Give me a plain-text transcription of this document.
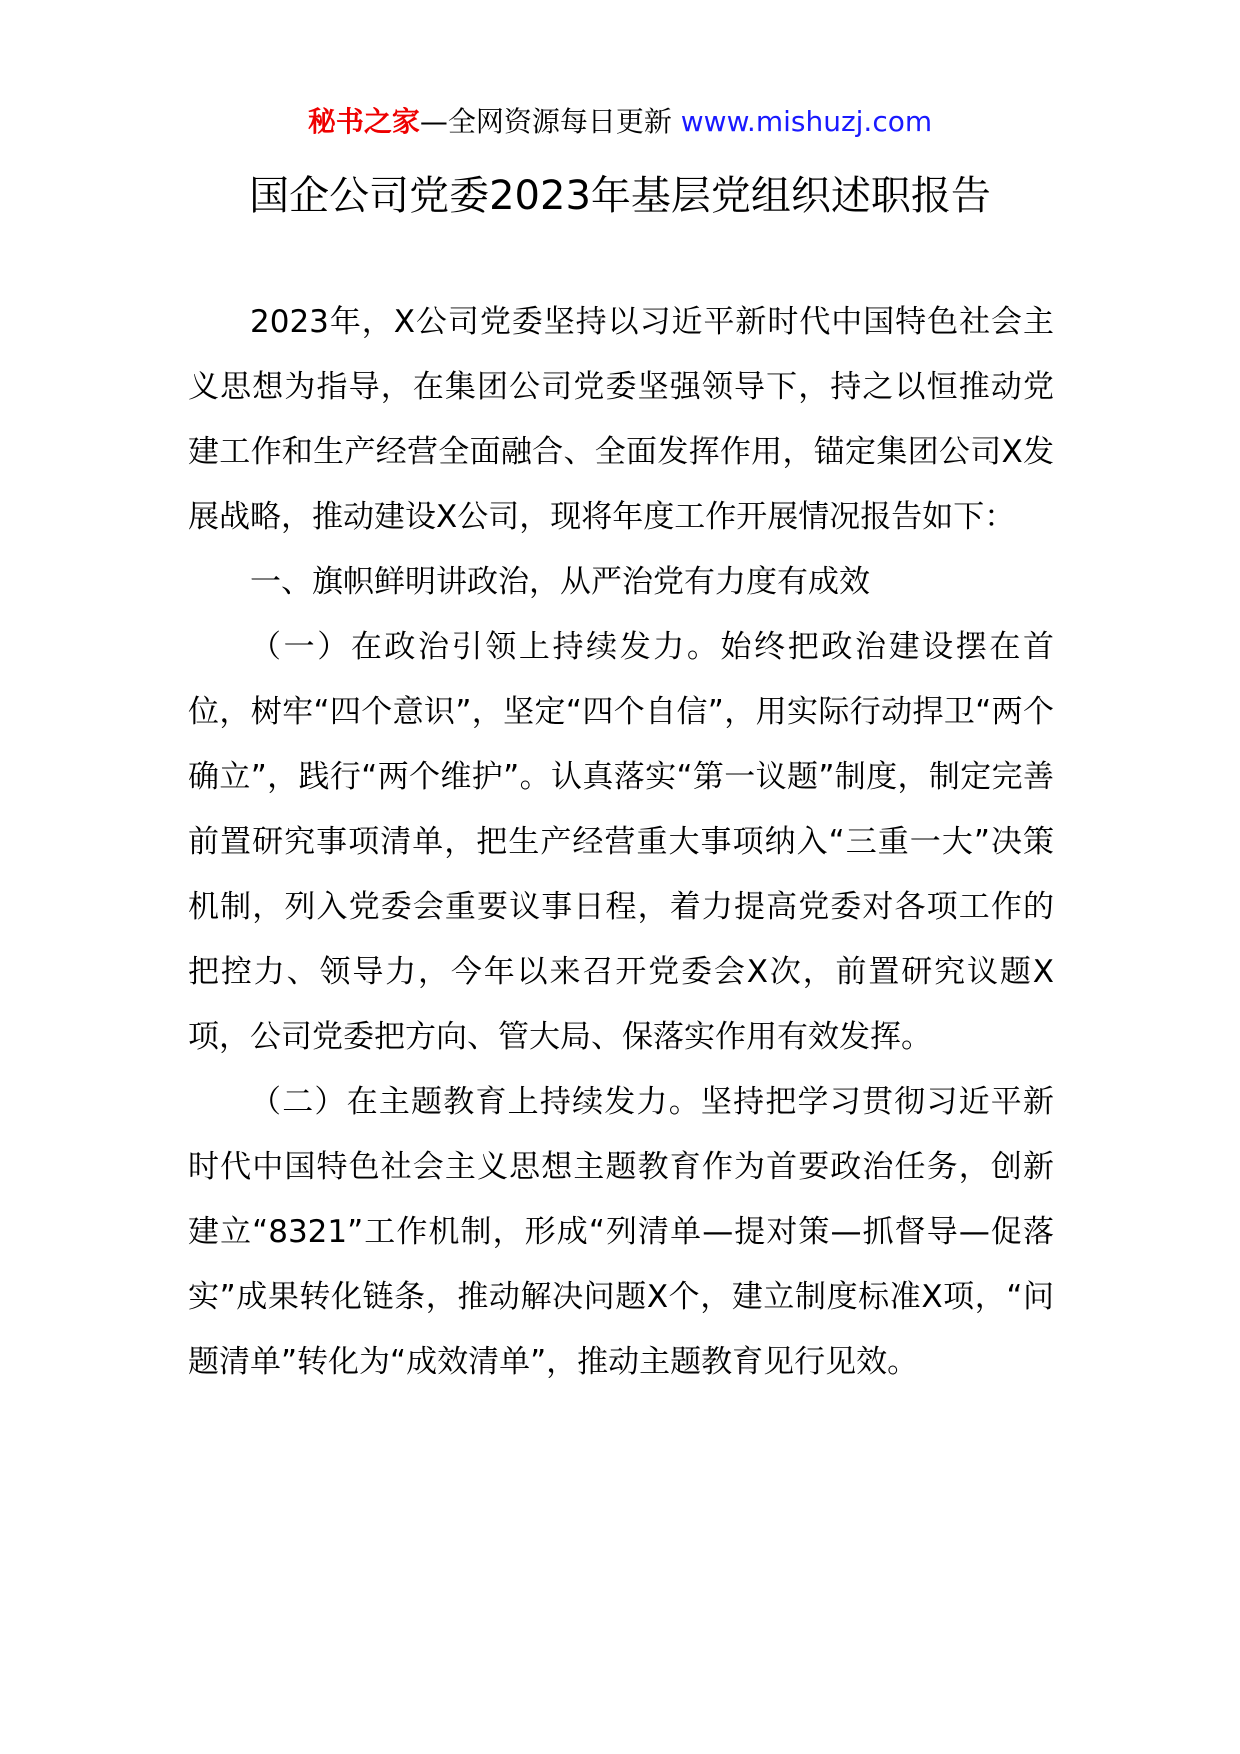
秘书之家—全网资源每日更新 www.mishuzj.com
国企公司党委2023年基层党组织述职报告

2023年，X公司党委坚持以习近平新时代中国特色社会主义思想为指导，在集团公司党委坚强领导下，持之以恒推动党建工作和生产经营全面融合、全面发挥作用，锚定集团公司X发展战略，推动建设X公司，现将年度工作开展情况报告如下：

一、旗帜鲜明讲政治，从严治党有力度有成效

（一）在政治引领上持续发力。始终把政治建设摆在首位，树牢“四个意识”，坚定“四个自信”，用实际行动捍卫“两个确立”，践行“两个维护”。认真落实“第一议题”制度，制定完善前置研究事项清单，把生产经营重大事项纳入“三重一大”决策机制，列入党委会重要议事日程，着力提高党委对各项工作的把控力、领导力，今年以来召开党委会X次，前置研究议题X项，公司党委把方向、管大局、保落实作用有效发挥。

（二）在主题教育上持续发力。坚持把学习贯彻习近平新时代中国特色社会主义思想主题教育作为首要政治任务，创新建立“8321”工作机制，形成“列清单—提对策—抓督导—促落实”成果转化链条，推动解决问题X个，建立制度标准X项，“问题清单”转化为“成效清单”，推动主题教育见行见效。
